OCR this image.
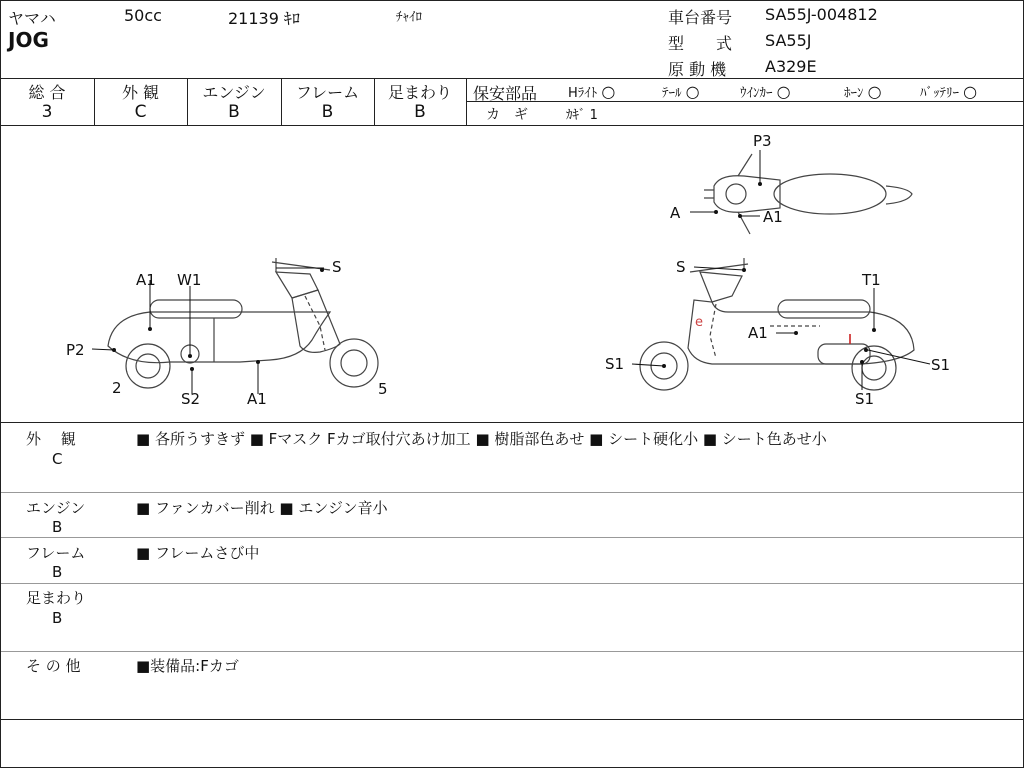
ヤマハ	50cc	21139 ｷﾛ	ﾁｬｲﾛ
JOG
車台番号 SA55J-004812
型　　式 SA55J
原 動 機 A329E
総 合
3
外 観
C
エンジン
B
フレーム
B
足まわり
B
保安部品 Hﾗｲﾄ ○	ﾃｰﾙ ○	ｳｲﾝｶｰ ○	ﾎｰﾝ ○	ﾊﾞｯﾃﾘｰ ○
カ　ギ	ｶｷﾞ 1
e
A1 W1
S
P2
2
S2	A1
5
P3
A	A1
S
T1
A1
S1	S1
S1
外　 観
C
■ 各所うすきず ■ Fマスク Fカゴ取付穴あけ加工 ■ 樹脂部色あせ ■ シート硬化小 ■ シート色あせ小
エンジン
B
■ ファンカバー削れ ■ エンジン音小
フレーム
B
■ フレームさび中
足まわり
B
そ の 他	■装備品:Fカゴ
